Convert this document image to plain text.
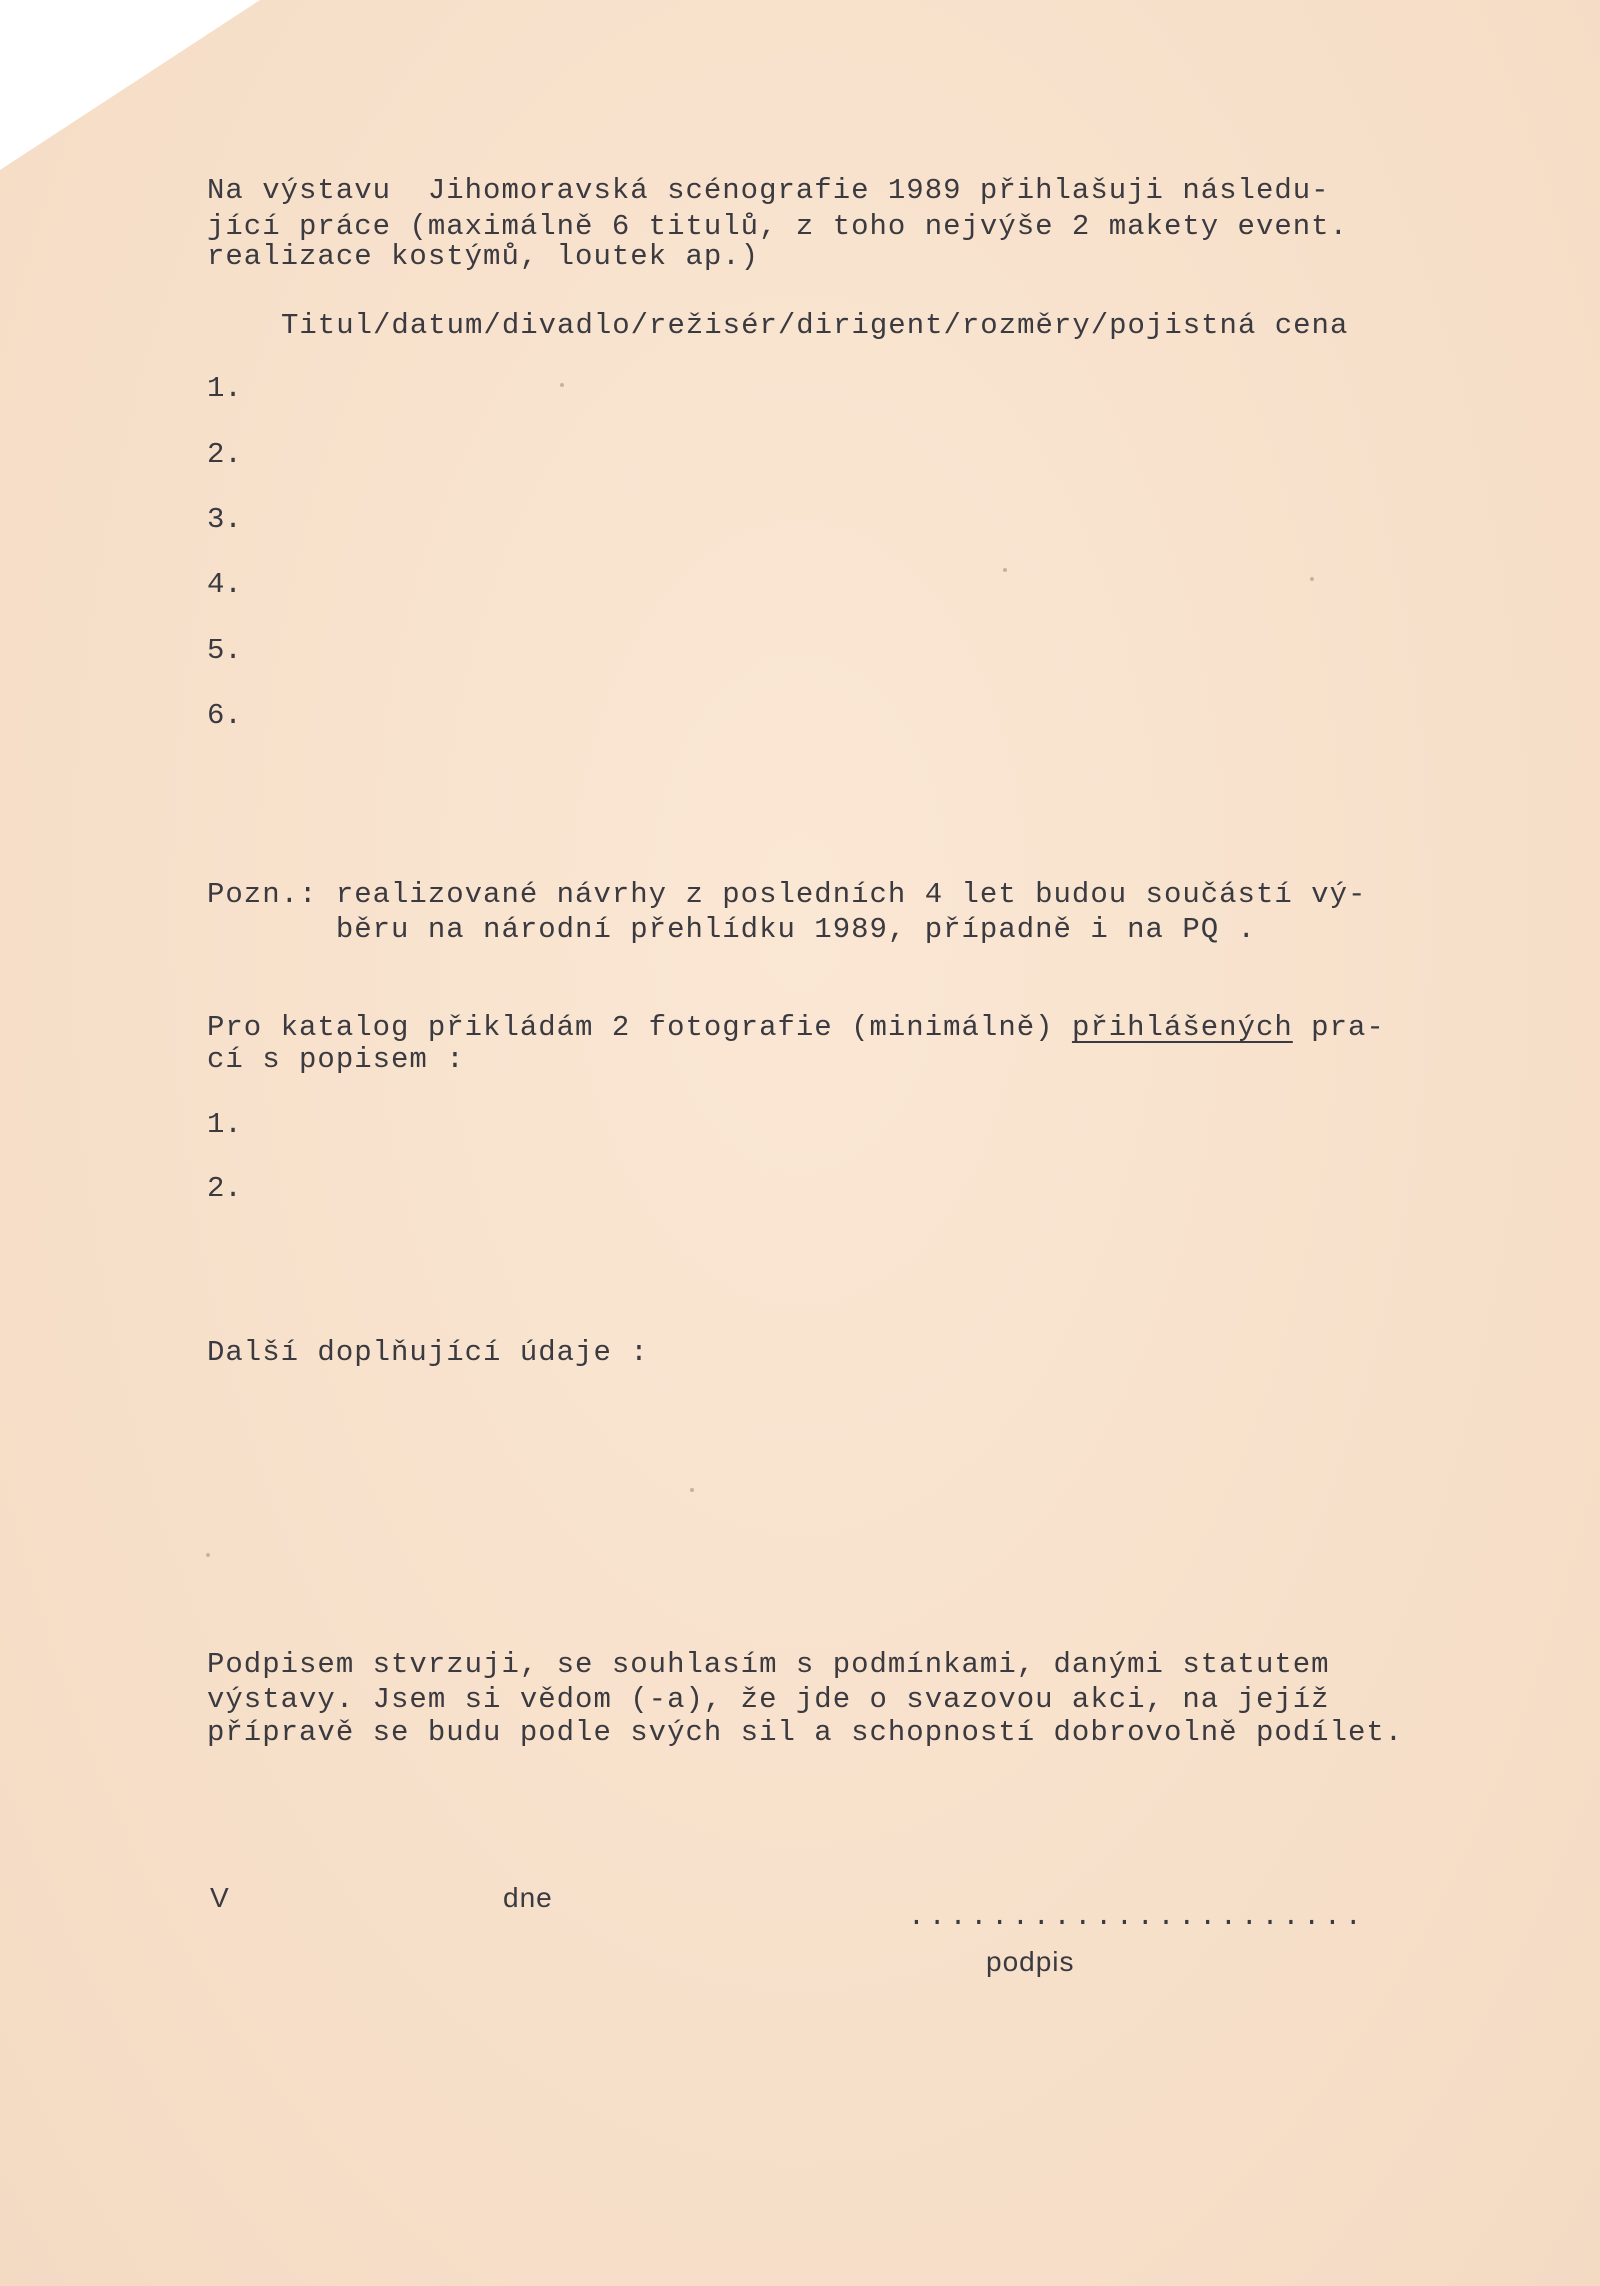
Na výstavu  Jihomoravská scénografie 1989 přihlašuji následu-
jící práce (maximálně 6 titulů, z toho nejvýše 2 makety event.
realizace kostýmů, loutek ap.)
Titul/datum/divadlo/režisér/dirigent/rozměry/pojistná cena
1.
2.
3.
4.
5.
6.
Pozn.: realizované návrhy z posledních 4 let budou součástí vý-
běru na národní přehlídku 1989, případně i na PQ .
Pro katalog přikládám 2 fotografie (minimálně) přihlášených pra-
cí s popisem :
1.
2.
Další doplňující údaje :
Podpisem stvrzuji, se souhlasím s podmínkami, danými statutem
výstavy. Jsem si vědom (-a), že jde o svazovou akci, na jejíž
přípravě se budu podle svých sil a schopností dobrovolně podílet.
V	dne
......................
podpis
